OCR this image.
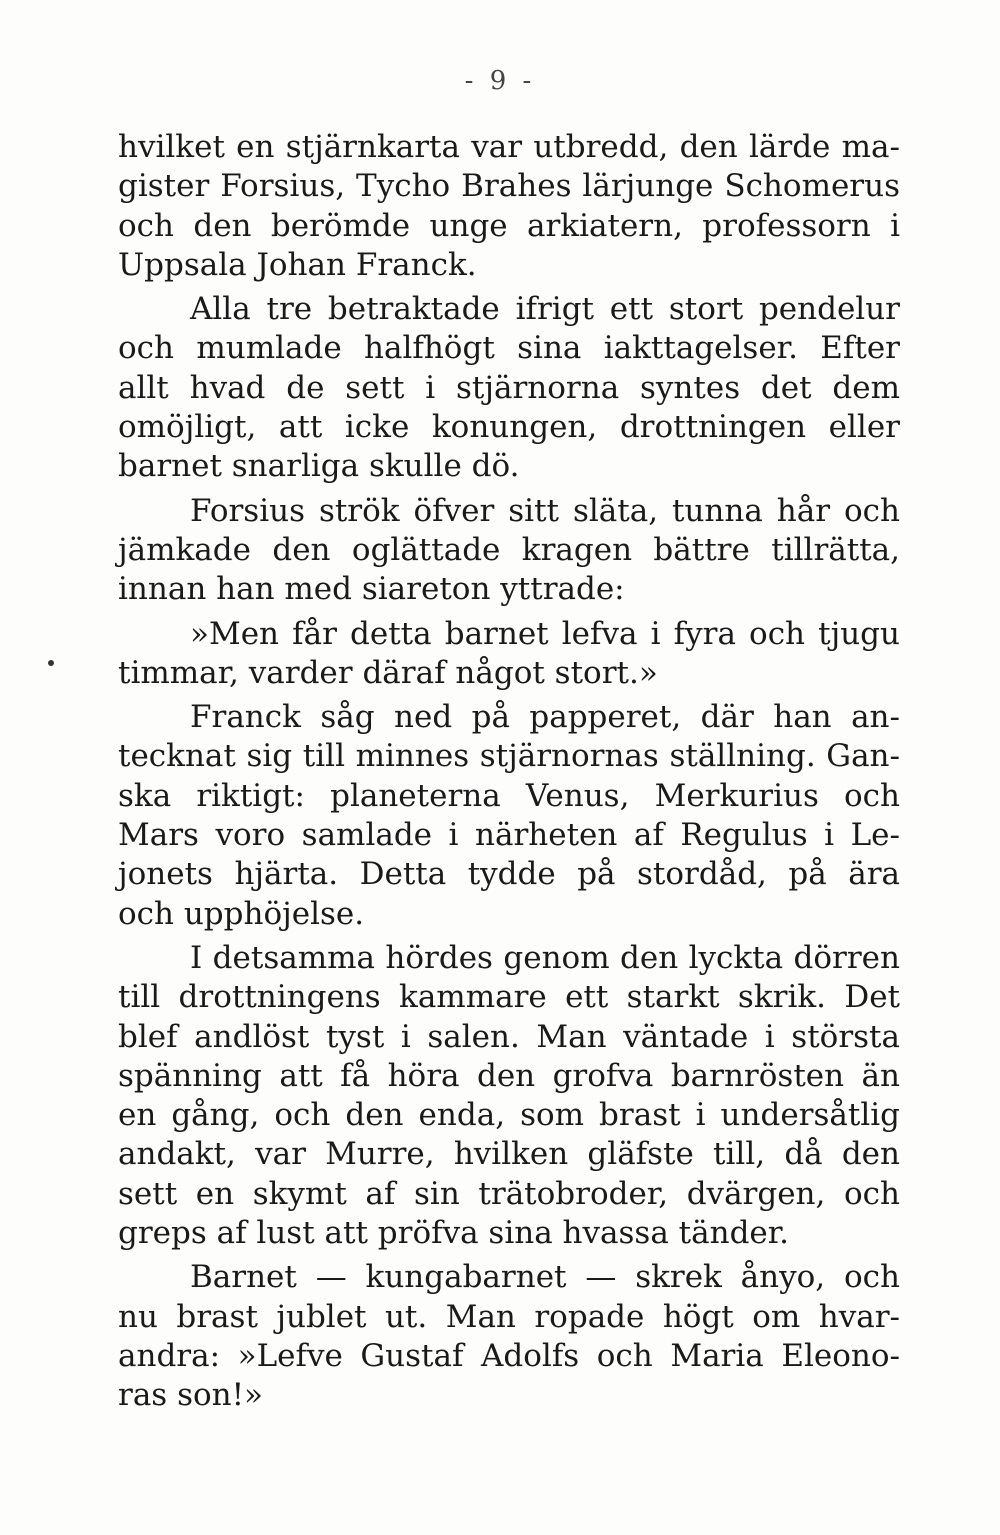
- 9 -
hvilket en stjärnkarta var utbredd, den lärde ma-
gister Forsius, Tycho Brahes lärjunge Schomerus
och den berömde unge arkiatern, professorn i
Uppsala Johan Franck.
Alla tre betraktade ifrigt ett stort pendelur
och mumlade halfhögt sina iakttagelser. Efter
allt hvad de sett i stjärnorna syntes det dem
omöjligt, att icke konungen, drottningen eller
barnet snarliga skulle dö.
Forsius strök öfver sitt släta, tunna hår och
jämkade den oglättade kragen bättre tillrätta,
innan han med siareton yttrade:
»Men får detta barnet lefva i fyra och tjugu
timmar, varder däraf något stort.»
Franck såg ned på papperet, där han an-
tecknat sig till minnes stjärnornas ställning. Gan-
ska riktigt: planeterna Venus, Merkurius och
Mars voro samlade i närheten af Regulus i Le-
jonets hjärta. Detta tydde på stordåd, på ära
och upphöjelse.
I detsamma hördes genom den lyckta dörren
till drottningens kammare ett starkt skrik. Det
blef andlöst tyst i salen. Man väntade i största
spänning att få höra den grofva barnrösten än
en gång, och den enda, som brast i undersåtlig
andakt, var Murre, hvilken gläfste till, då den
sett en skymt af sin trätobroder, dvärgen, och
greps af lust att pröfva sina hvassa tänder.
Barnet — kungabarnet — skrek ånyo, och
nu brast jublet ut. Man ropade högt om hvar-
andra: »Lefve Gustaf Adolfs och Maria Eleono-
ras son!»
